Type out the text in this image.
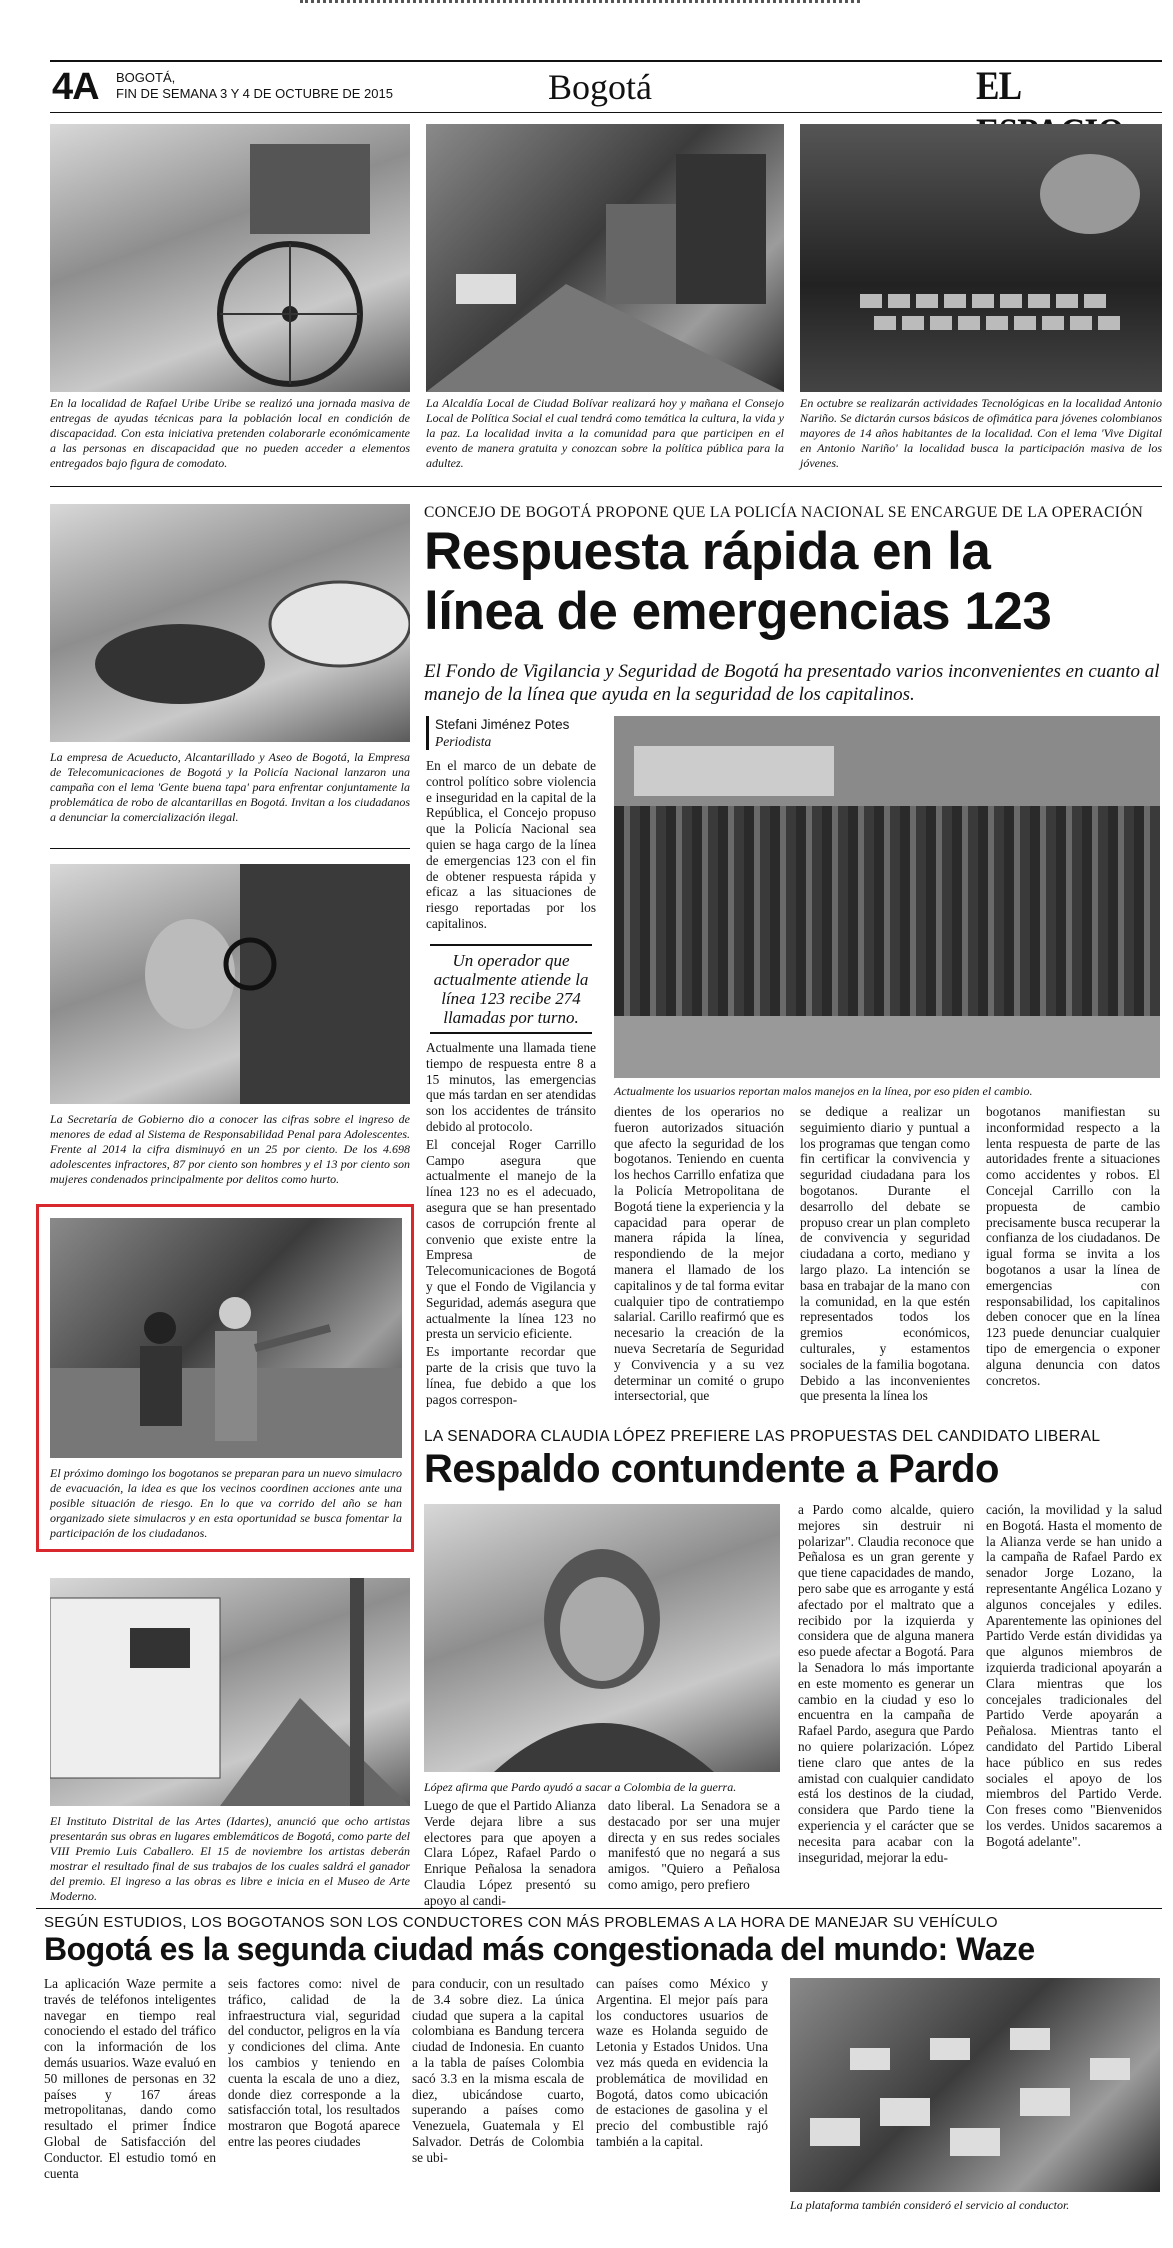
4A BOGOTÁ,
FIN DE SEMANA 3 Y 4 DE OCTUBRE DE 2015	Bogotá	EL
En la localidad de Rafael Uribe Uribe se realizó una jornada masiva de entregas de ayudas técnicas para la población local en condición de discapacidad. Con esta iniciativa pretenden colaborarle económicamente a las personas en discapacidad que no pueden acceder a elementos entregados bajo figura de comodato.
La Alcaldía Local de Ciudad Bolívar realizará hoy y mañana el Consejo Local de Política Social el cual tendrá como temática la cultura, la vida y la paz. La localidad invita a la comunidad para que participen en el evento de manera gratuita y conozcan sobre la política pública para la adultez.
En octubre se realizarán actividades Tecnológicas en la localidad Antonio Nariño. Se dictarán cursos básicos de ofimática para jóvenes colombianos mayores de 14 años habitantes de la localidad. Con el lema 'Vive Digital en Antonio Nariño' la localidad busca la participación masiva de los jóvenes.
La empresa de Acueducto, Alcantarillado y Aseo de Bogotá, la Empresa de Telecomunicaciones de Bogotá y la Policía Nacional lanzaron una campaña con el lema 'Gente buena tapa' para enfrentar conjuntamente la problemática de robo de alcantarillas en Bogotá. Invitan a los ciudadanos a denunciar la comercialización ilegal.
La Secretaría de Gobierno dio a conocer las cifras sobre el ingreso de menores de edad al Sistema de Responsabilidad Penal para Adolescentes. Frente al 2014 la cifra disminuyó en un 25 por ciento. De los 4.698 adolescentes infractores, 87 por ciento son hombres y el 13 por ciento son mujeres condenados principalmente por delitos como hurto.
El próximo domingo los bogotanos se preparan para un nuevo simulacro de evacuación, la idea es que los vecinos coordinen acciones ante una posible situación de riesgo. En lo que va corrido del año se han organizado siete simulacros y en esta oportunidad se busca fomentar la participación de los ciudadanos.
El Instituto Distrital de las Artes (Idartes), anunció que ocho artistas presentarán sus obras en lugares emblemáticos de Bogotá, como parte del VIII Premio Luis Caballero. El 15 de noviembre los artistas deberán mostrar el resultado final de sus trabajos de los cuales saldrá el ganador del premio. El ingreso a las obras es libre e inicia en el Museo de Arte Moderno.
CONCEJO DE BOGOTÁ PROPONE QUE LA POLICÍA NACIONAL SE ENCARGUE DE LA OPERACIÓN
Respuesta rápida en la
línea de emergencias 123
El Fondo de Vigilancia y Seguridad de Bogotá ha presentado varios inconvenientes en cuanto al manejo de la línea que ayuda en la seguridad de los capitalinos.
Stefani Jiménez Potes
Periodista

En el marco de un debate de control político sobre violencia e inseguridad en la capital de la República, el Concejo propuso que la Policía Nacional sea quien se haga cargo de la línea de emergencias 123 con el fin de obtener respuesta rápida y eficaz a las situaciones de riesgo reportadas por los capitalinos.

Un operador que actualmente atiende la línea 123 recibe 274 llamadas por turno.

Actualmente una llamada tiene tiempo de respuesta entre 8 a 15 minutos, las emergencias que más tardan en ser atendidas son los accidentes de tránsito debido al protocolo.

El concejal Roger Carrillo Campo asegura que actualmente el manejo de la línea 123 no es el adecuado, asegura que se han presentado casos de corrupción frente al convenio que existe entre la Empresa de Telecomunicaciones de Bogotá y que el Fondo de Vigilancia y Seguridad, además asegura que actualmente la línea 123 no presta un servicio eficiente.

Es importante recordar que parte de la crisis que tuvo la línea, fue debido a que los pagos correspon-

Actualmente los usuarios reportan malos manejos en la línea, por eso piden el cambio.
dientes de los operarios no fueron autorizados situación que afecto la seguridad de los bogotanos. Teniendo en cuenta los hechos Carrillo enfatiza que la Policía Metropolitana de Bogotá tiene la experiencia y la capacidad para operar de manera rápida la línea, respondiendo de la mejor manera el llamado de los capitalinos y de tal forma evitar cualquier tipo de contratiempo salarial. Carillo reafirmó que es necesario la creación de la nueva Secretaría de Seguridad y Convivencia y a su vez determinar un comité o grupo intersectorial, que
se dedique a realizar un seguimiento diario y puntual a los programas que tengan como fin certificar la convivencia y seguridad ciudadana para los bogotanos. Durante el desarrollo del debate se propuso crear un plan completo de convivencia y seguridad ciudadana a corto, mediano y largo plazo. La intención se basa en trabajar de la mano con la comunidad, en la que estén representados todos los gremios económicos, culturales, y estamentos sociales de la familia bogotana. Debido a las inconvenientes que presenta la línea los
bogotanos manifiestan su inconformidad respecto a la lenta respuesta de parte de las autoridades frente a situaciones como accidentes y robos. El Concejal Carrillo con la propuesta de cambio precisamente busca recuperar la confianza de los ciudadanos. De igual forma se invita a los bogotanos a usar la línea de emergencias con responsabilidad, los capitalinos deben conocer que en la línea 123 puede denunciar cualquier tipo de emergencia o exponer alguna denuncia con datos concretos.
LA SENADORA CLAUDIA LÓPEZ PREFIERE LAS PROPUESTAS DEL CANDIDATO LIBERAL
Respaldo contundente a Pardo
López afirma que Pardo ayudó a sacar a Colombia de la guerra.
Luego de que el Partido Alianza Verde dejara libre a sus electores para que apoyen a Clara López, Rafael Pardo o Enrique Peñalosa la senadora Claudia López presentó su apoyo al candi-
dato liberal. La Senadora se a destacado por ser una mujer directa y en sus redes sociales manifestó que no negará a sus amigos. "Quiero a Peñalosa como amigo, pero prefiero
a Pardo como alcalde, quiero mejores sin destruir ni polarizar". Claudia reconoce que Peñalosa es un gran gerente y que tiene capacidades de mando, pero sabe que es arrogante y está afectado por el maltrato que a recibido por la izquierda y considera que de alguna manera eso puede afectar a Bogotá. Para la Senadora lo más importante en este momento es generar un cambio en la ciudad y eso lo encuentra en la campaña de Rafael Pardo, asegura que Pardo no quiere polarización. López tiene claro que antes de la amistad con cualquier candidato está los destinos de la ciudad, considera que Pardo tiene la experiencia y el carácter que se necesita para acabar con la inseguridad, mejorar la edu-
cación, la movilidad y la salud en Bogotá. Hasta el momento de la Alianza verde se han unido a la campaña de Rafael Pardo ex senador Jorge Lozano, la representante Angélica Lozano y algunos concejales y ediles. Aparentemente las opiniones del Partido Verde están divididas ya que algunos miembros de izquierda tradicional apoyarán a Clara mientras que los concejales tradicionales del Partido Verde apoyarán a Peñalosa. Mientras tanto el candidato del Partido Liberal hace público en sus redes sociales el apoyo de los miembros del Partido Verde. Con freses como "Bienvenidos los verdes. Unidos sacaremos a Bogotá adelante".
SEGÚN ESTUDIOS, LOS BOGOTANOS SON LOS CONDUCTORES CON MÁS PROBLEMAS A LA HORA DE MANEJAR SU VEHÍCULO
Bogotá es la segunda ciudad más congestionada del mundo: Waze
La aplicación Waze permite a través de teléfonos inteligentes navegar en tiempo real conociendo el estado del tráfico con la información de los demás usuarios. Waze evaluó en 50 millones de personas en 32 países y 167 áreas metropolitanas, dando como resultado el primer Índice Global de Satisfacción del Conductor. El estudio tomó en cuenta
seis factores como: nivel de tráfico, calidad de la infraestructura vial, seguridad del conductor, peligros en la vía y condiciones del clima. Ante los cambios y teniendo en cuenta la escala de uno a diez, donde diez corresponde a la satisfacción total, los resultados mostraron que Bogotá aparece entre las peores ciudades
para conducir, con un resultado de 3.4 sobre diez. La única ciudad que supera a la capital colombiana es Bandung tercera ciudad de Indonesia. En cuanto a la tabla de países Colombia sacó 3.3 en la misma escala de diez, ubicándose cuarto, superando a países como Venezuela, Guatemala y El Salvador. Detrás de Colombia se ubi-
can países como México y Argentina. El mejor país para los conductores usuarios de waze es Holanda seguido de Letonia y Estados Unidos. Una vez más queda en evidencia la problemática de movilidad en Bogotá, datos como ubicación de estaciones de gasolina y el precio del combustible rajó también a la capital.
La plataforma también consideró el servicio al conductor.
